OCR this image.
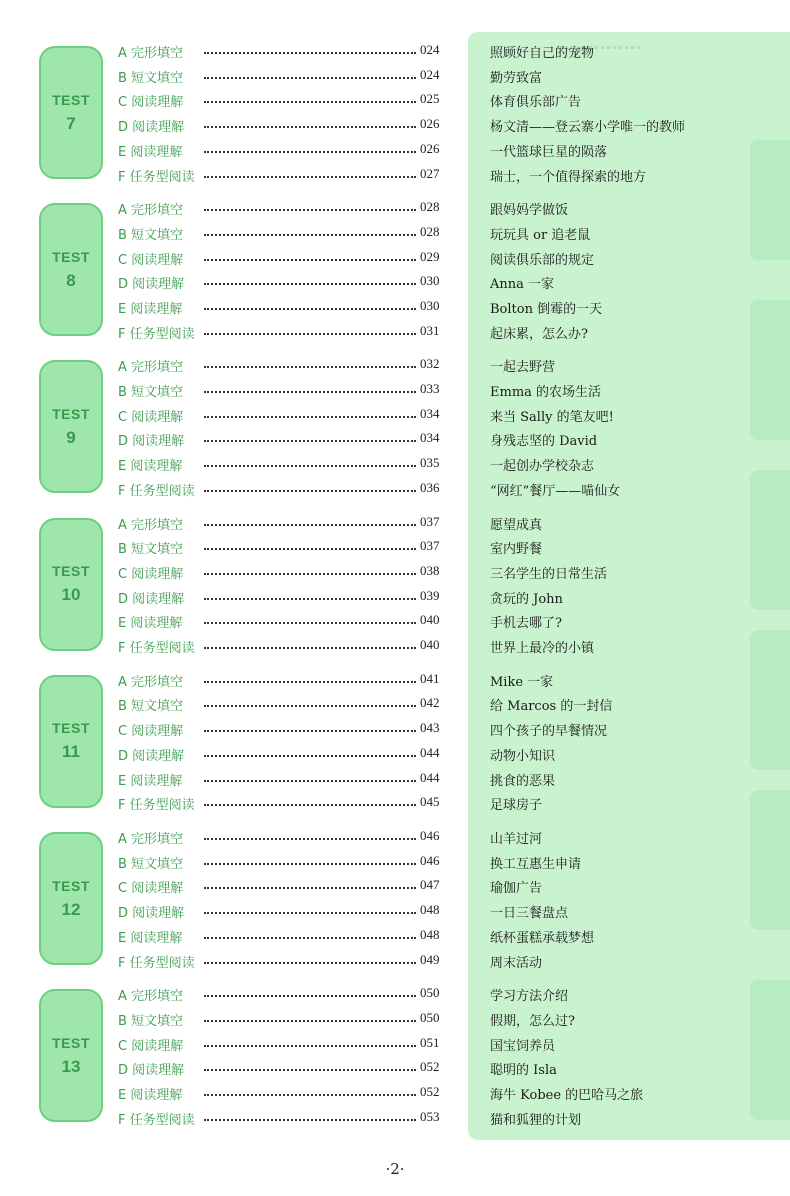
TEST
7
A 完形填空	024	照顾好自己的宠物
B 短文填空	024	勤劳致富
C 阅读理解	025	体育俱乐部广告
D 阅读理解	026	杨文清——登云寨小学唯一的教师
E 阅读理解	026	一代篮球巨星的陨落
F 任务型阅读	027	瑞士，一个值得探索的地方
TEST
8
A 完形填空	028	跟妈妈学做饭
B 短文填空	028	玩玩具 or 追老鼠
C 阅读理解	029	阅读俱乐部的规定
D 阅读理解	030	Anna 一家
E 阅读理解	030	Bolton 倒霉的一天
F 任务型阅读	031	起床累，怎么办?
TEST
9
A 完形填空	032	一起去野营
B 短文填空	033	Emma 的农场生活
C 阅读理解	034	来当 Sally 的笔友吧!
D 阅读理解	034	身残志坚的 David
E 阅读理解	035	一起创办学校杂志
F 任务型阅读	036	“网红”餐厅——喵仙女
TEST
10
A 完形填空	037	愿望成真
B 短文填空	037	室内野餐
C 阅读理解	038	三名学生的日常生活
D 阅读理解	039	贪玩的 John
E 阅读理解	040	手机去哪了?
F 任务型阅读	040	世界上最冷的小镇
TEST
11
A 完形填空	041	Mike 一家
B 短文填空	042	给 Marcos 的一封信
C 阅读理解	043	四个孩子的早餐情况
D 阅读理解	044	动物小知识
E 阅读理解	044	挑食的恶果
F 任务型阅读	045	足球房子
TEST
12
A 完形填空	046	山羊过河
B 短文填空	046	换工互惠生申请
C 阅读理解	047	瑜伽广告
D 阅读理解	048	一日三餐盘点
E 阅读理解	048	纸杯蛋糕承载梦想
F 任务型阅读	049	周末活动
TEST
13
A 完形填空	050	学习方法介绍
B 短文填空	050	假期，怎么过?
C 阅读理解	051	国宝饲养员
D 阅读理解	052	聪明的 Isla
E 阅读理解	052	海牛 Kobee 的巴哈马之旅
F 任务型阅读	053	猫和狐狸的计划
·2·
